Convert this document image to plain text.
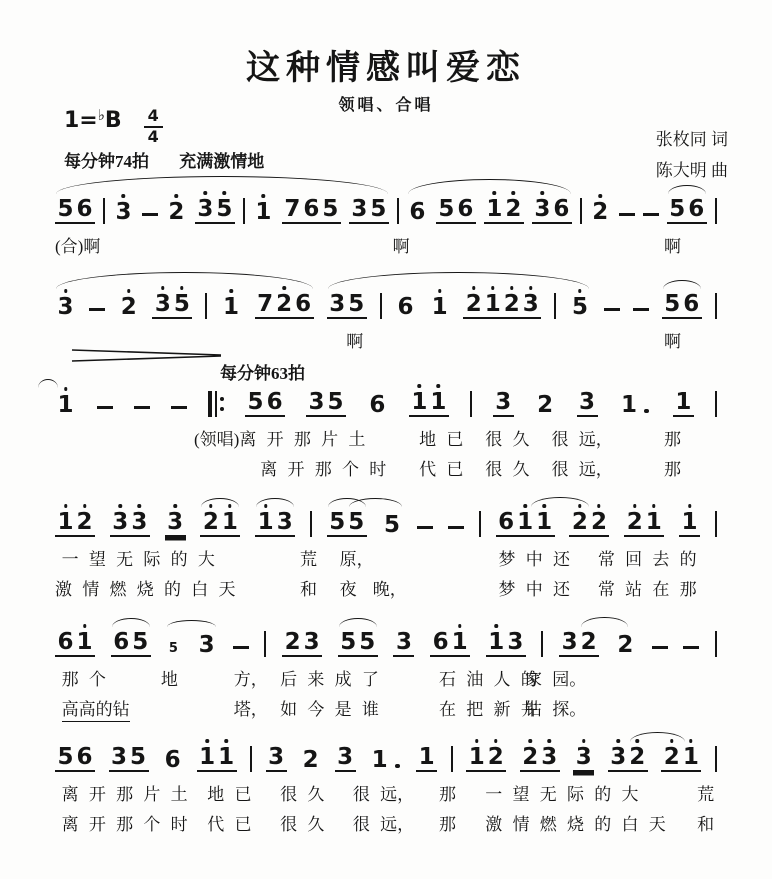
这种情感叫爱恋
领唱、合唱
$1=^♭B \frac{4}{4}$
每分钟74拍 充满激情地
张枚同 词
陈大明 曲
5 6 3 2 3 5 1 7 6 5 3 5 6 5 6 1 2 3 6 2	5 6
(合)啊	啊	啊
3 2 3 5 1 7 2 6 3 5 6 1 2 1 2 3 5	5 6
啊	啊
1	5 6 3 5 6 1 1 3 2 3 1 1
每分钟63拍
(领唱)离 开 那 片 土	地 已 很 久 很 远，	那
离 开 那 个 时 代 已 很 久 很 远，	那
1 2 3 3 3 2 1 1 3 5 5 5	6 1 1 2 2 2 1 1
一 望 无 际 的 大	荒 原，	梦 中 还 常 回 去 的
激 情 燃 烧 的 白 天	和 夜 晚，	梦 中 还 常 站 在 那
6 1 6 5 5 3	2 3 5 5 3 6 1 1 3 3 2 2
那 个	地	方， 后 来 成 了	石 油 人 的
家 园。
高高的钻	塔， 如 今 是 谁	在 把 新 井
钻 探。
5 6 3 5 6 1 1 3 2 3 1 1 1 2 2 3 3 3 2 2 1
离 开 那 片 土 地 已 很 久 很 远， 那 一 望 无 际 的 大	荒
离 开 那 个 时 代 已 很 久 很 远， 那 激 情 燃 烧 的 白 天 和
